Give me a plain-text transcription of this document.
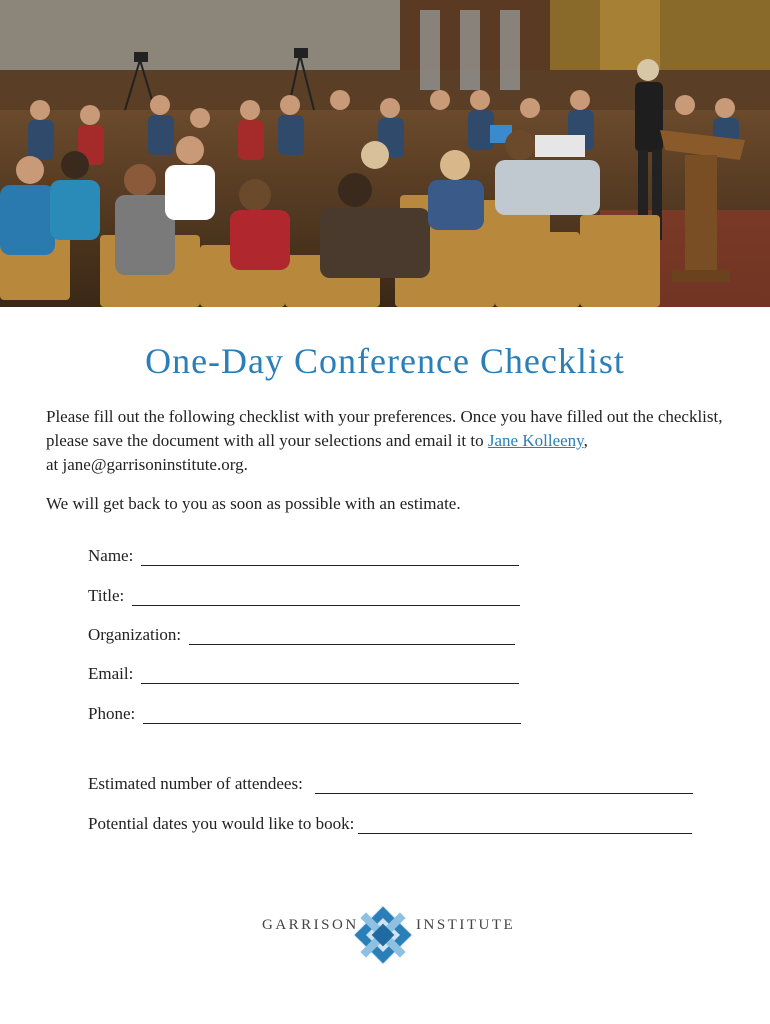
One-Day Conference Checklist

Please fill out the following checklist with your preferences. Once you have filled out the checklist, please save the document with all your selections and email it to Jane Kolleeny,
at jane@garrisoninstitute.org.

We will get back to you as soon as possible with an estimate.

Name:
Title:
Organization:
Email:
Phone:
Estimated number of attendees:
Potential dates you would like to book:
GARRISON	INSTITUTE
